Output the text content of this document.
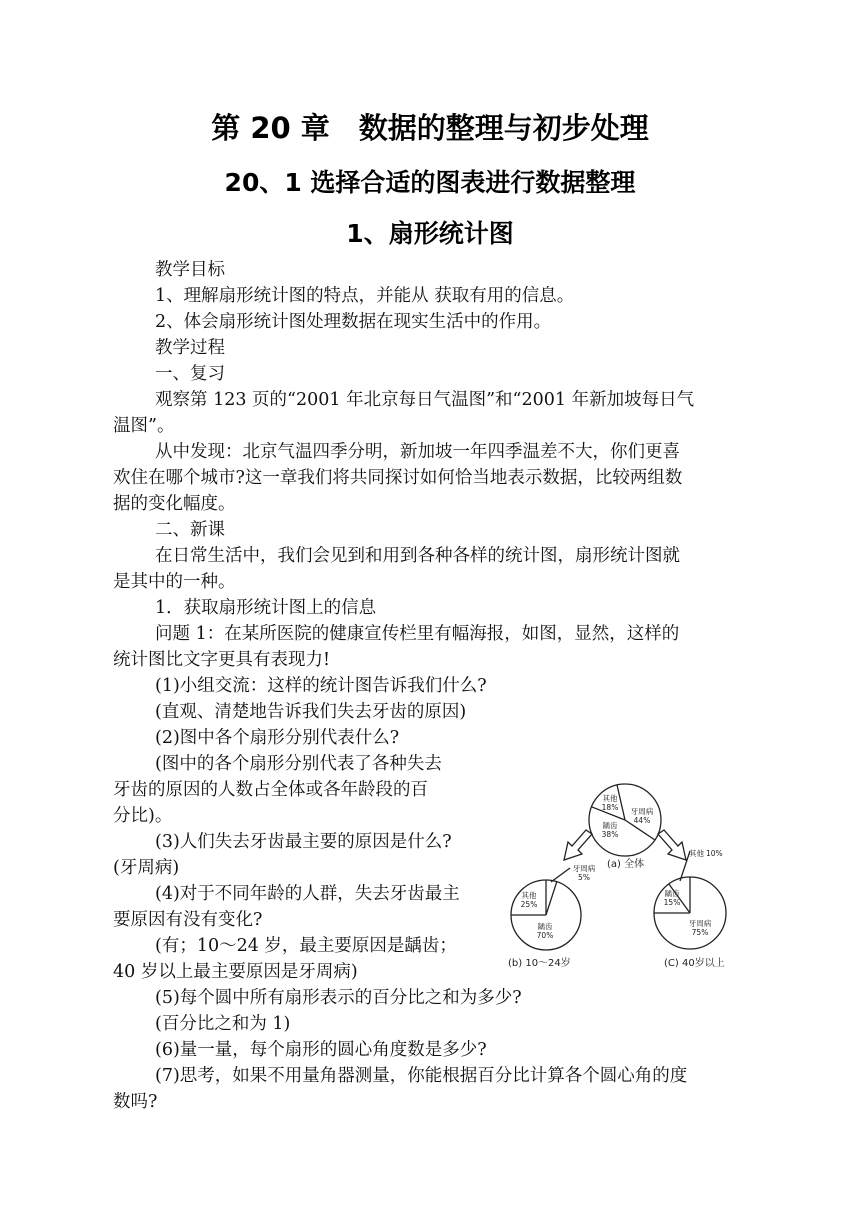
第 20 章　数据的整理与初步处理
20、1 选择合适的图表进行数据整理
1、扇形统计图

教学目标

1、理解扇形统计图的特点，并能从 获取有用的信息。

2、体会扇形统计图处理数据在现实生活中的作用。

教学过程

一、复习

观察第 123 页的“2001 年北京每日气温图”和“2001 年新加坡每日气

温图”。

从中发现：北京气温四季分明，新加坡一年四季温差不大，你们更喜

欢住在哪个城市?这一章我们将共同探讨如何恰当地表示数据，比较两组数

据的变化幅度。

二、新课

在日常生活中，我们会见到和用到各种各样的统计图，扇形统计图就

是其中的一种。

1．获取扇形统计图上的信息

问题 1：在某所医院的健康宣传栏里有幅海报，如图，显然，这样的

统计图比文字更具有表现力!

(1)小组交流：这样的统计图告诉我们什么?

(直观、清楚地告诉我们失去牙齿的原因)

(2)图中各个扇形分别代表什么?

(图中的各个扇形分别代表了各种失去

牙齿的原因的人数占全体或各年龄段的百

分比)。

(3)人们失去牙齿最主要的原因是什么?

(牙周病)

(4)对于不同年龄的人群，失去牙齿最主

要原因有没有变化?

(有；10～24 岁，最主要原因是龋齿；

40 岁以上最主要原因是牙周病)

(5)每个圆中所有扇形表示的百分比之和为多少?

(百分比之和为 1)

(6)量一量，每个扇形的圆心角度数是多少?

(7)思考，如果不用量角器测量，你能根据百分比计算各个圆心角的度

数吗?

其他
18% 牙周病
44%
龋齿
38%
牙周病
5%
其他
25%
龋齿
70%
其他 10%
龋齿
15%
牙周病
75%
(a) 全体
(b) 10～24岁	(C) 40岁以上
